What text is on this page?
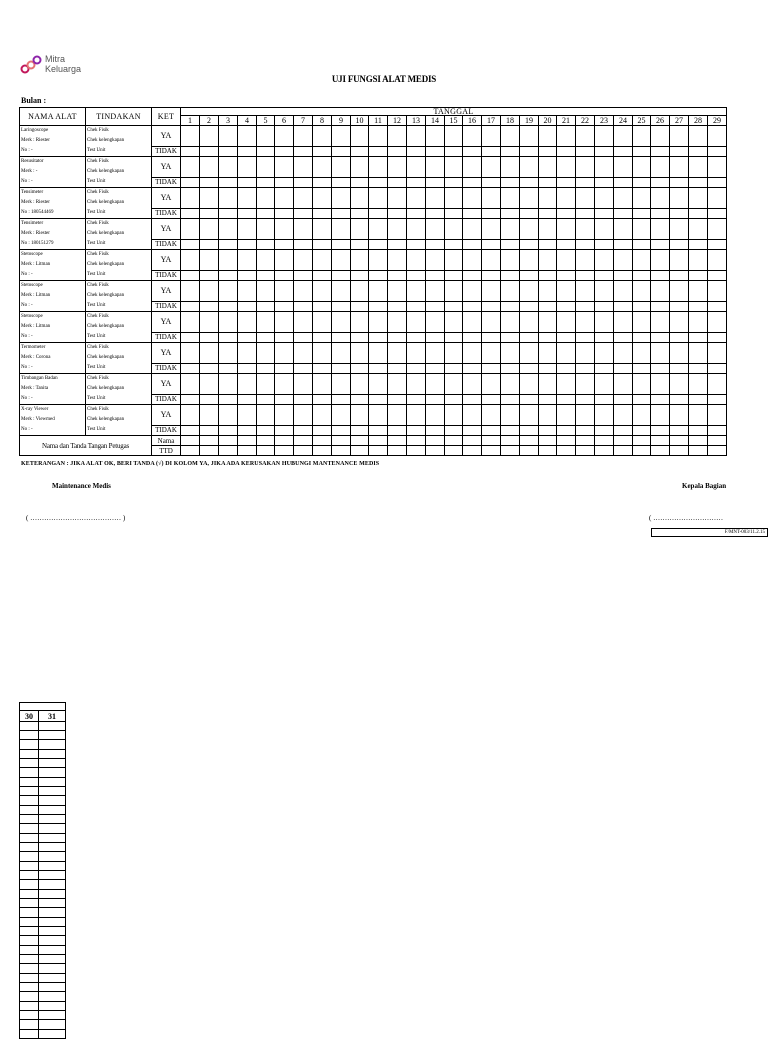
Mitra
Keluarga
UJI FUNGSI ALAT MEDIS
Bulan :
NAMA ALAT	TINDAKAN	KET	TANGGAL																												
			1	2	3	4	5	6	7	8	9	10	11	12	13	14	15	16	17	18	19	20	21	22	23	24	25	26	27	28	29
Laringoscope	Chek Fisik	YA																													
Merk : Riester	Chek kelengkapan																														
No : -	Test Unit	TIDAK																													
Resusitator	Chek Fisik	YA																													
Merk : -	Chek kelengkapan																														
No : -	Test Unit	TIDAK																													
Tensimeter	Chek Fisik	YA																													
Merk : Riester	Chek kelengkapan																														
No : 180544469	Test Unit	TIDAK																													
Tensimeter	Chek Fisik	YA																													
Merk : Riester	Chek kelengkapan																														
No : 180151279	Test Unit	TIDAK																													
Stetoscope	Chek Fisik	YA																													
Merk : Litman	Chek kelengkapan																														
No : -	Test Unit	TIDAK																													
Stetoscope	Chek Fisik	YA																													
Merk : Litman	Chek kelengkapan																														
No : -	Test Unit	TIDAK																													
Stetoscope	Chek Fisik	YA																													
Merk : Litman	Chek kelengkapan																														
No : -	Test Unit	TIDAK																													
Termometer	Chek Fisik	YA																													
Merk : Corona	Chek kelengkapan																														
No : -	Test Unit	TIDAK																													
Timbangan Badan	Chek Fisik	YA																													
Merk : Tanita	Chek kelengkapan																														
No : -	Test Unit	TIDAK																													
X-ray Viewer	Chek Fisik	YA																													
Merk : Viewmed	Chek kelengkapan																														
No : -	Test Unit	TIDAK																													
Nama dan Tanda Tangan Petugas		Nama																													
		TTD																													
KETERANGAN : JIKA ALAT OK, BERI TANDA (√) DI KOLOM YA, JIKA ADA KERUSAKAN HUBUNGI MANTENANCE MEDIS
Maintenance Medis	Kepala Bagian
( ………………………………… )	( …………………………
F/MNT-003/11.2.15

30	31
